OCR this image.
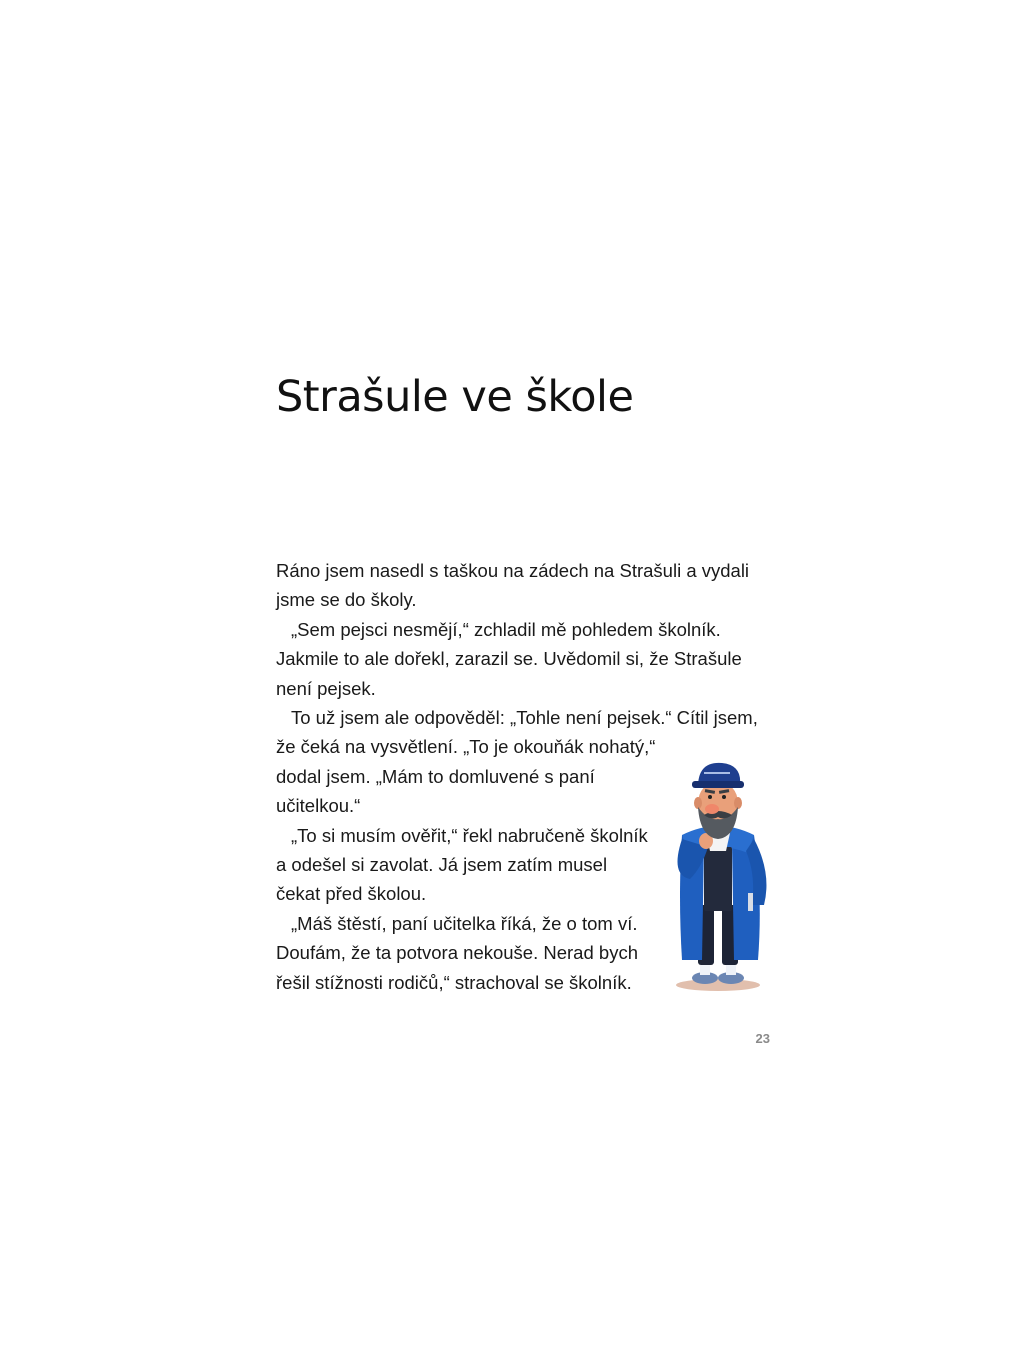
Strašule ve škole
Ráno jsem nasedl s taškou na zádech na Strašuli a vydali
jsme se do školy.
„Sem pejsci nesmějí,“ zchladil mě pohledem školník.
Jakmile to ale dořekl, zarazil se. Uvědomil si, že Strašule
není pejsek.
To už jsem ale odpověděl: „Tohle není pejsek.“ Cítil jsem,
že čeká na vysvětlení. „To je okouňák nohatý,“
dodal jsem. „Mám to domluvené s paní
učitelkou.“
„To si musím ověřit,“ řekl nabručeně školník
a odešel si zavolat. Já jsem zatím musel
čekat před školou.
„Máš štěstí, paní učitelka říká, že o tom ví.
Doufám, že ta potvora nekouše. Nerad bych
řešil stížnosti rodičů,“ strachoval se školník.
23
